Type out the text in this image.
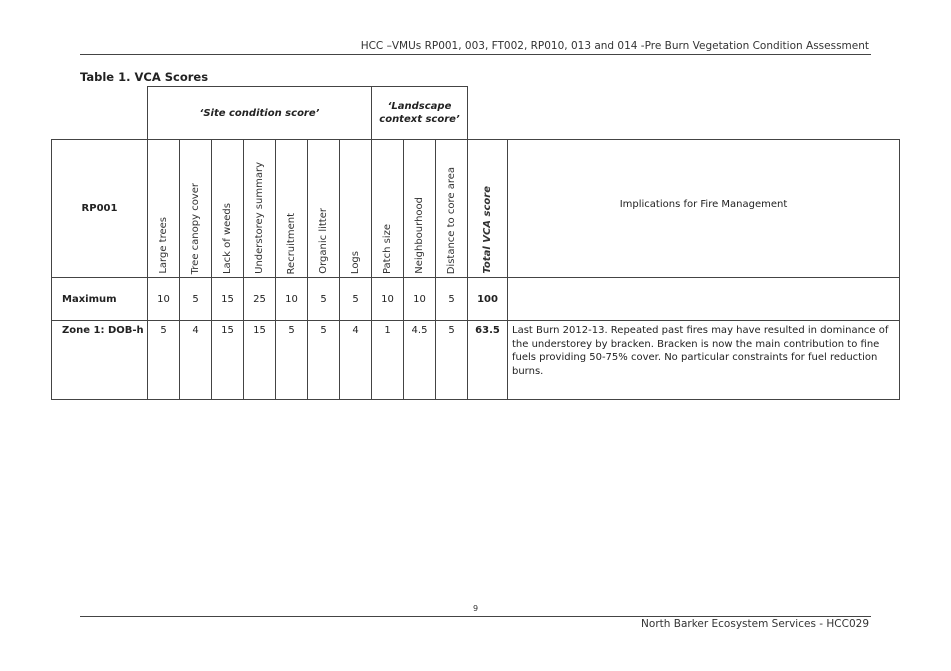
HCC –VMUs RP001, 003, FT002, RP010, 013 and 014 -Pre Burn Vegetation Condition Assessment
Table 1. VCA Scores
	‘Site condition score’							‘Landscape context score’				
RP001	Large trees	Tree canopy cover	Lack of weeds	Understorey summary	Recruitment	Organic litter	Logs	Patch size	Neighbourhood	Distance to core area	Total VCA score	Implications for Fire Management
Maximum	10	5	15	25	10	5	5	10	10	5	100	
Zone 1: DOB-h	5	4	15	15	5	5	4	1	4.5	5	63.5	Last Burn 2012-13. Repeated past fires may have resulted in dominance of the understorey by bracken. Bracken is now the main contribution to fine fuels providing 50-75% cover. No particular constraints for fuel reduction burns.
9
North Barker Ecosystem Services - HCC029
